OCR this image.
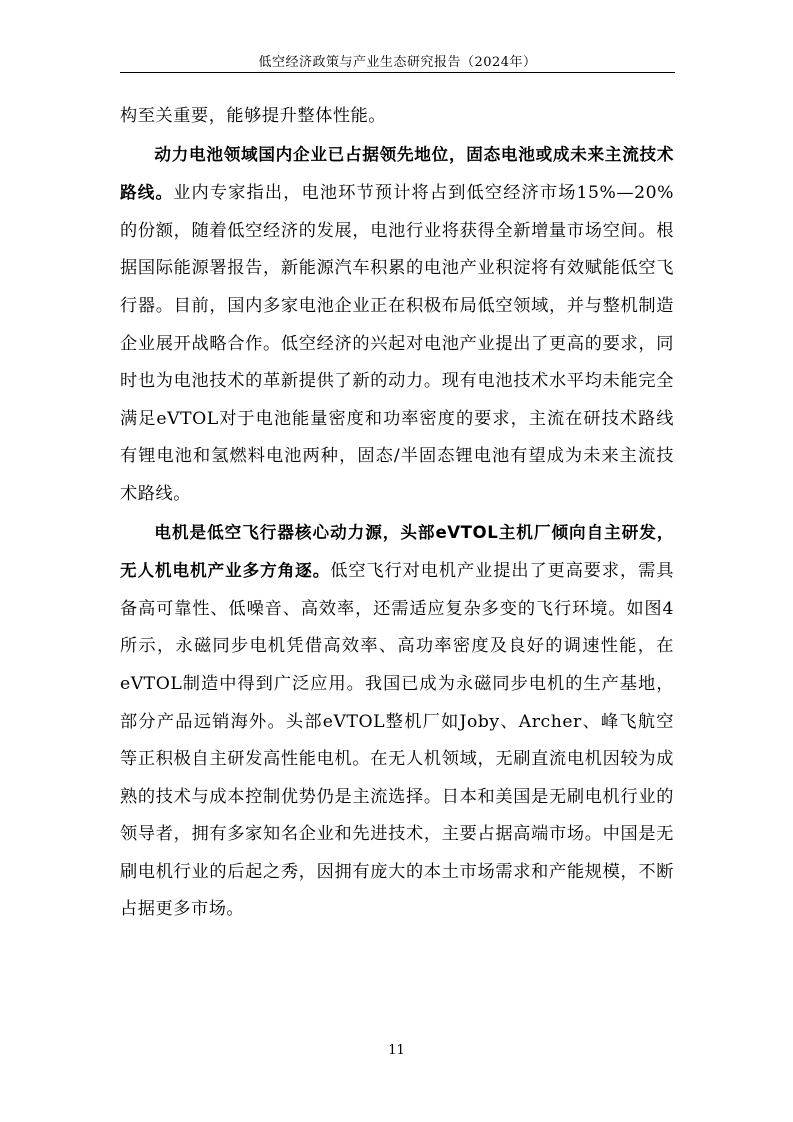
低空经济政策与产业生态研究报告（2024年）

构至关重要，能够提升整体性能。

动力电池领域国内企业已占据领先地位，固态电池或成未来主流技术路线。业内专家指出，电池环节预计将占到低空经济市场15%—20%的份额，随着低空经济的发展，电池行业将获得全新增量市场空间。根据国际能源署报告，新能源汽车积累的电池产业积淀将有效赋能低空飞行器。目前，国内多家电池企业正在积极布局低空领域，并与整机制造企业展开战略合作。低空经济的兴起对电池产业提出了更高的要求，同时也为电池技术的革新提供了新的动力。现有电池技术水平均未能完全满足eVTOL对于电池能量密度和功率密度的要求，主流在研技术路线有锂电池和氢燃料电池两种，固态/半固态锂电池有望成为未来主流技术路线。

电机是低空飞行器核心动力源，头部eVTOL主机厂倾向自主研发，无人机电机产业多方角逐。低空飞行对电机产业提出了更高要求，需具备高可靠性、低噪音、高效率，还需适应复杂多变的飞行环境。如图4所示，永磁同步电机凭借高效率、高功率密度及良好的调速性能，在eVTOL制造中得到广泛应用。我国已成为永磁同步电机的生产基地，部分产品远销海外。头部eVTOL整机厂如Joby、Archer、峰飞航空等正积极自主研发高性能电机。在无人机领域，无刷直流电机因较为成熟的技术与成本控制优势仍是主流选择。日本和美国是无刷电机行业的领导者，拥有多家知名企业和先进技术，主要占据高端市场。中国是无刷电机行业的后起之秀，因拥有庞大的本土市场需求和产能规模，不断占据更多市场。

11
